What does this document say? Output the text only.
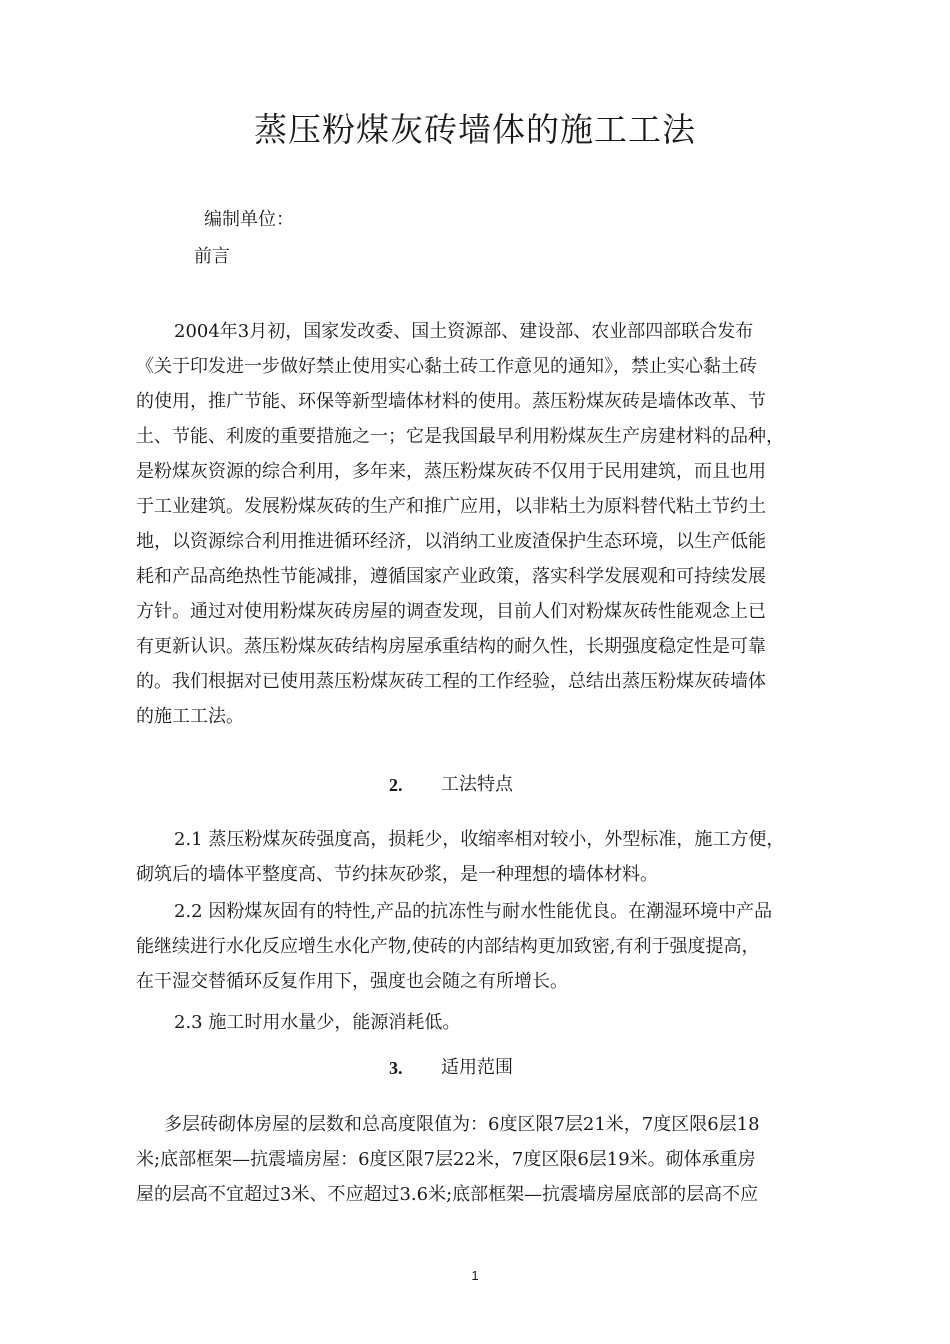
蒸压粉煤灰砖墙体的施工工法
编制单位：
前言
2004年3月初，国家发改委、国土资源部、建设部、农业部四部联合发布
《关于印发进一步做好禁止使用实心黏土砖工作意见的通知》，禁止实心黏土砖
的使用，推广节能、环保等新型墙体材料的使用。蒸压粉煤灰砖是墙体改革、节
土、节能、利废的重要措施之一；它是我国最早利用粉煤灰生产房建材料的品种，
是粉煤灰资源的综合利用，多年来，蒸压粉煤灰砖不仅用于民用建筑，而且也用
于工业建筑。发展粉煤灰砖的生产和推广应用，以非粘土为原料替代粘土节约土
地，以资源综合利用推进循环经济，以消纳工业废渣保护生态环境，以生产低能
耗和产品高绝热性节能减排，遵循国家产业政策，落实科学发展观和可持续发展
方针。通过对使用粉煤灰砖房屋的调查发现，目前人们对粉煤灰砖性能观念上已
有更新认识。蒸压粉煤灰砖结构房屋承重结构的耐久性，长期强度稳定性是可靠
的。我们根据对已使用蒸压粉煤灰砖工程的工作经验，总结出蒸压粉煤灰砖墙体
的施工工法。
2. 工法特点
2.1 蒸压粉煤灰砖强度高，损耗少，收缩率相对较小，外型标准，施工方便，
砌筑后的墙体平整度高、节约抹灰砂浆，是一种理想的墙体材料。
2.2 因粉煤灰固有的特性,产品的抗冻性与耐水性能优良。在潮湿环境中产品
能继续进行水化反应增生水化产物,使砖的内部结构更加致密,有利于强度提高，
在干湿交替循环反复作用下，强度也会随之有所增长。
2.3 施工时用水量少，能源消耗低。
3. 适用范围
多层砖砌体房屋的层数和总高度限值为：6度区限7层21米，7度区限6层18
米;底部框架—抗震墙房屋：6度区限7层22米，7度区限6层19米。砌体承重房
屋的层高不宜超过3米、不应超过3.6米;底部框架—抗震墙房屋底部的层高不应
1
